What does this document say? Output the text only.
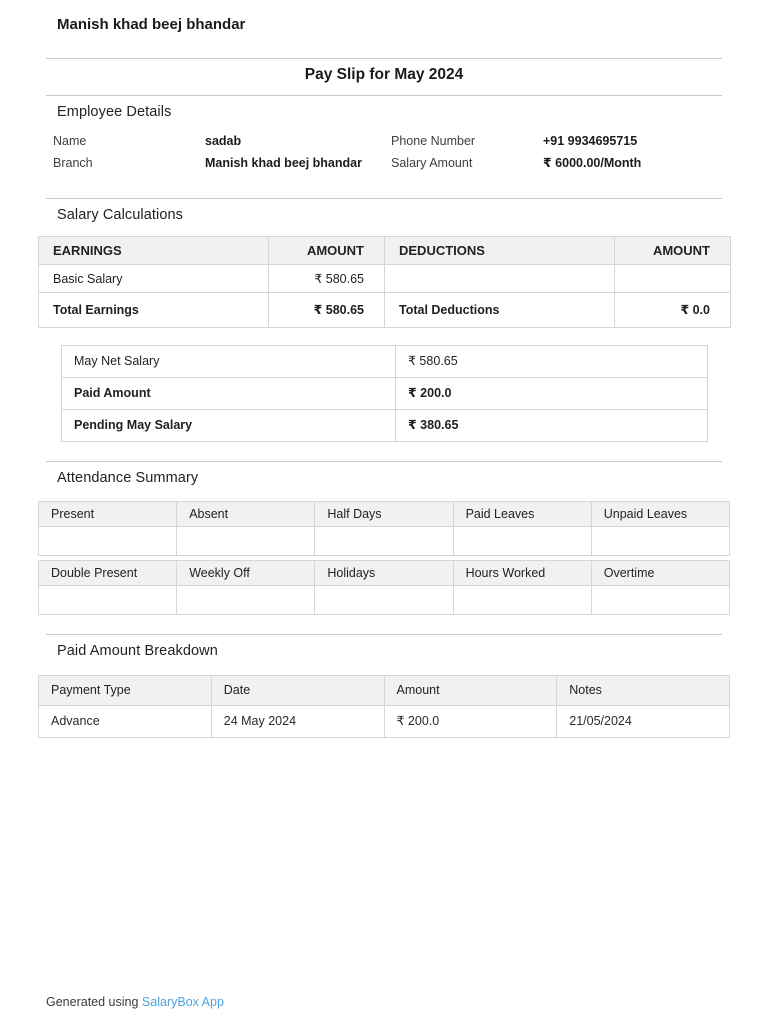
Manish khad beej bhandar
Pay Slip for May 2024
Employee Details
Name	sadab	Phone Number	+91 9934695715
Branch	Manish khad beej bhandar	Salary Amount	₹ 6000.00/Month
Salary Calculations
EARNINGS	AMOUNT	DEDUCTIONS	AMOUNT
Basic Salary	₹ 580.65		
Total Earnings	₹ 580.65	Total Deductions	₹ 0.0
May Net Salary	₹ 580.65
Paid Amount	₹ 200.0
Pending May Salary	₹ 380.65
Attendance Summary
Present	Absent	Half Days	Paid Leaves	Unpaid Leaves

Double Present	Weekly Off	Holidays	Hours Worked	Overtime

Paid Amount Breakdown
Payment Type	Date	Amount	Notes
Advance	24 May 2024	₹ 200.0	21/05/2024
Generated using SalaryBox App
